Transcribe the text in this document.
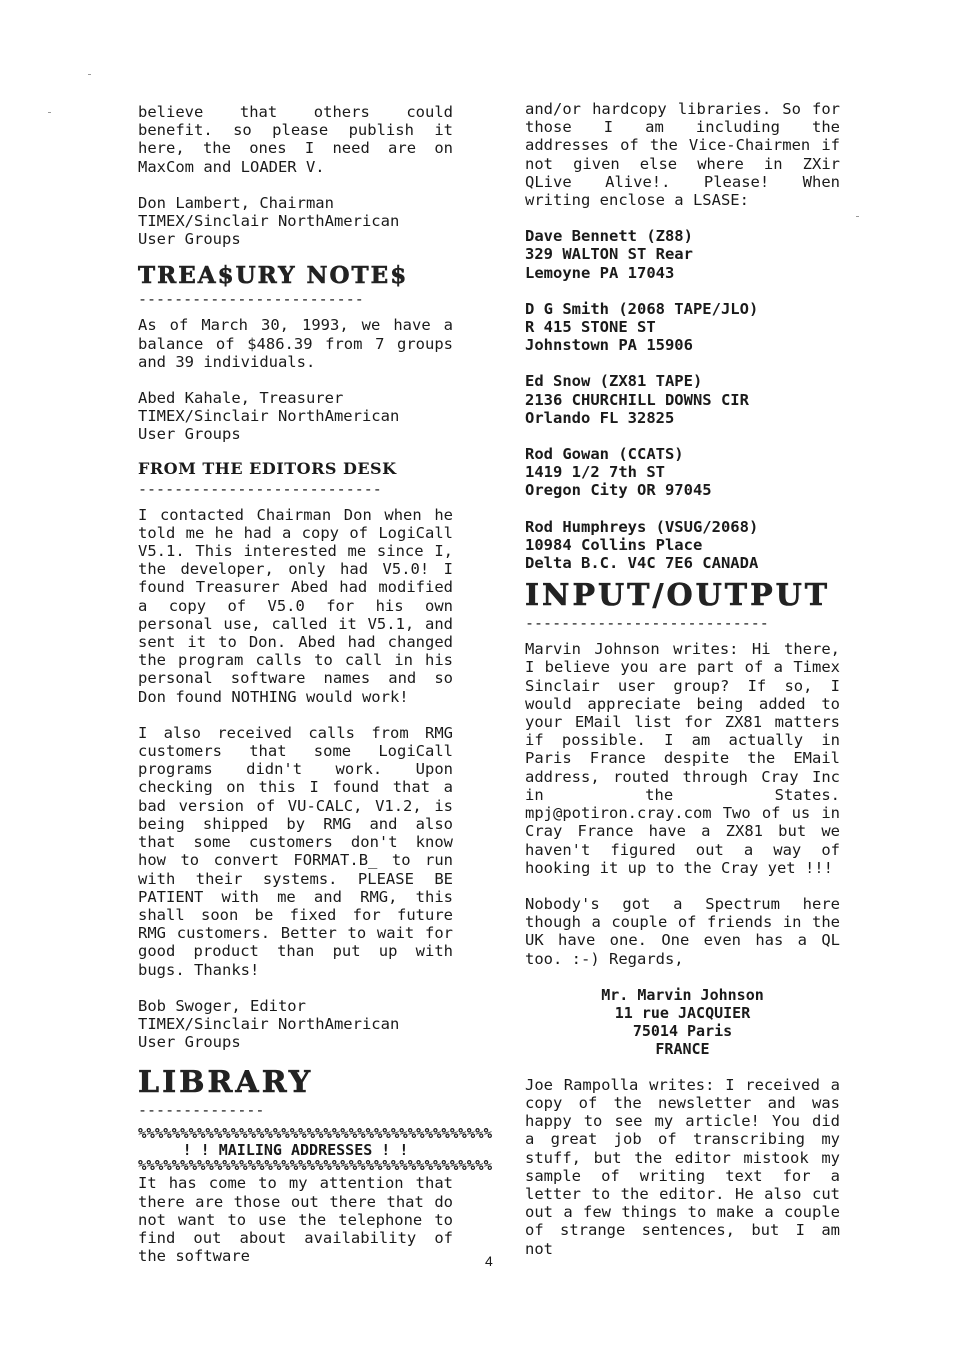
believe that others could benefit. so please publish it here, the ones I need are on MaxCom and LOADER V.

Don Lambert, Chairman
TIMEX/Sinclair NorthAmerican
User Groups

TREA$URY NOTE$
-------------------------

As of March 30, 1993, we have a balance of $486.39 from 7 groups and 39 individuals.

Abed Kahale, Treasurer
TIMEX/Sinclair NorthAmerican
User Groups

FROM THE EDITORS DESK
---------------------------

I contacted Chairman Don when he told me he had a copy of LogiCall V5.1. This interested me since I, the developer, only had V5.0! I found Treasurer Abed had modified a copy of V5.0 for his own personal use, called it V5.1, and sent it to Don. Abed had changed the program calls to call in his personal software names and so Don found NOTHING would work!

I also received calls from RMG customers that some LogiCall programs didn't work. Upon checking on this I found that a bad version of VU-CALC, V1.2, is being shipped by RMG and also that some customers don't know how to convert FORMAT.B_ to run with their systems. PLEASE BE PATIENT with me and RMG, this shall soon be fixed for future RMG customers. Better to wait for good product than put up with bugs. Thanks!

Bob Swoger, Editor
TIMEX/Sinclair NorthAmerican
User Groups

LIBRARY
--------------
%%%%%%%%%%%%%%%%%%%%%%%%%%%%%%%%%%%%%%%%%%
! ! MAILING ADDRESSES ! !
%%%%%%%%%%%%%%%%%%%%%%%%%%%%%%%%%%%%%%%%%%

It has come to my attention that there are those out there that do not want to use the telephone to find out about availability of the software	4

and/or hardcopy libraries. So for those I am including the addresses of the Vice-Chairmen if not given else where in ZXir QLive Alive!. Please! When writing enclose a LSASE:

Dave Bennett (Z88)
329 WALTON ST Rear
Lemoyne PA 17043

D G Smith (2068 TAPE/JLO)
R 415 STONE ST
Johnstown PA 15906

Ed Snow (ZX81 TAPE)
2136 CHURCHILL DOWNS CIR
Orlando FL 32825

Rod Gowan (CCATS)
1419 1/2 7th ST
Oregon City OR 97045

Rod Humphreys (VSUG/2068)
10984 Collins Place
Delta B.C. V4C 7E6 CANADA

INPUT/OUTPUT
---------------------------

Marvin Johnson writes: Hi there, I believe you are part of a Timex Sinclair user group? If so, I would appreciate being added to your EMail list for ZX81 matters if possible. I am actually in Paris France despite the EMail address, routed through Cray Inc in the States. mpj@potiron.cray.com Two of us in Cray France have a ZX81 but we haven't figured out a way of hooking it up to the Cray yet !!!

Nobody's got a Spectrum here though a couple of friends in the UK have one. One even has a QL too. :-) Regards,

Mr. Marvin Johnson
11 rue JACQUIER
75014 Paris
FRANCE

Joe Rampolla writes: I received a copy of the newsletter and was happy to see my article! You did a great job of transcribing my stuff, but the editor mistook my sample of writing text for a letter to the editor. He also cut out a few things to make a couple of strange sentences, but I am not
